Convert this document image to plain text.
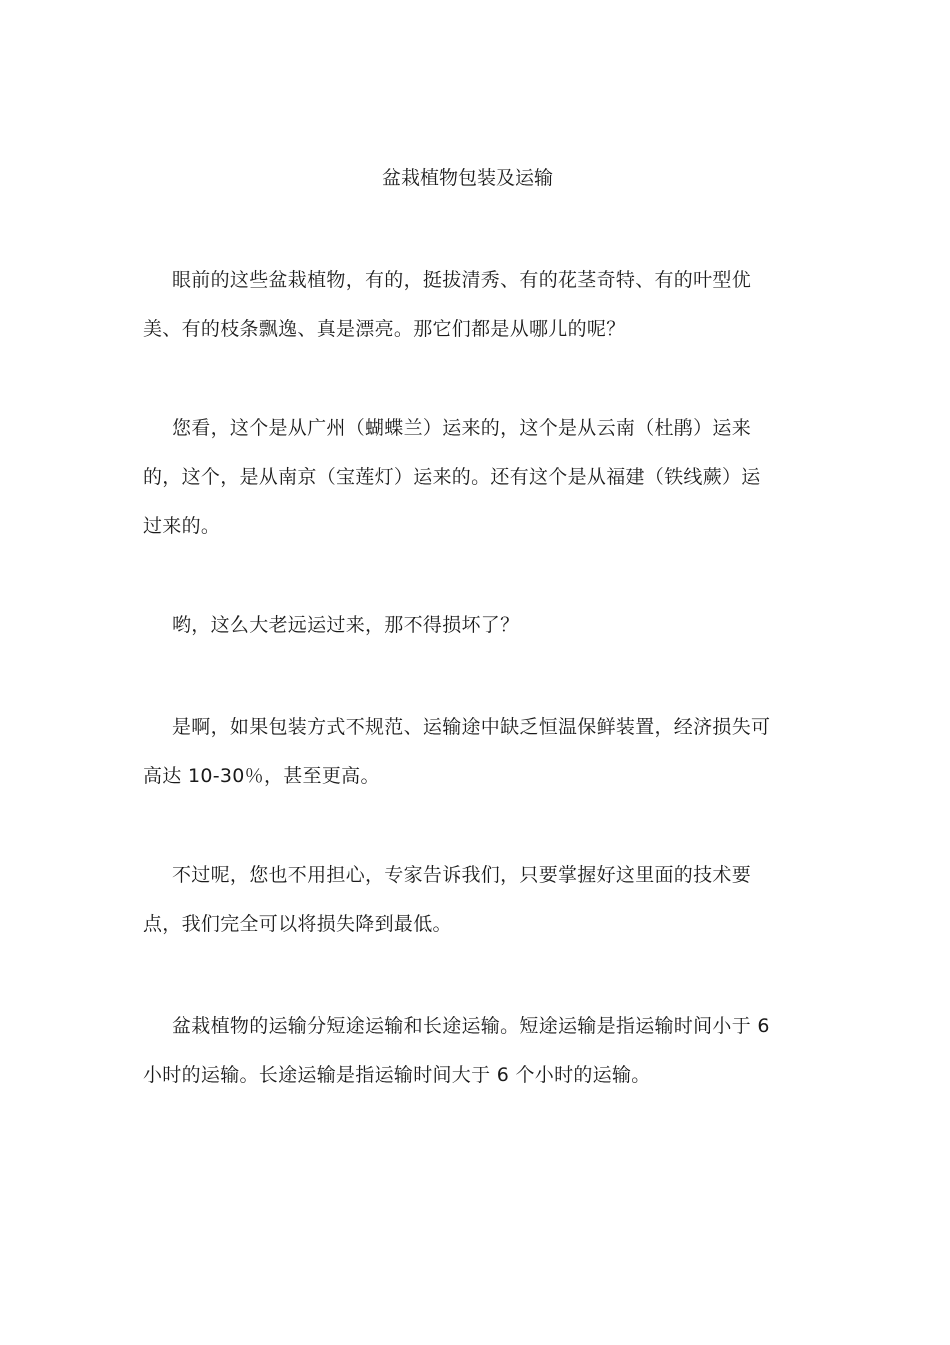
盆栽植物包装及运输

眼前的这些盆栽植物，有的，挺拔清秀、有的花茎奇特、有的叶型优美、有的枝条飘逸、真是漂亮。那它们都是从哪儿的呢？

您看，这个是从广州（蝴蝶兰）运来的，这个是从云南（杜鹃）运来的，这个，是从南京（宝莲灯）运来的。还有这个是从福建（铁线蕨）运过来的。

哟，这么大老远运过来，那不得损坏了？

是啊，如果包装方式不规范、运输途中缺乏恒温保鲜装置，经济损失可高达 10-30％，甚至更高。

不过呢，您也不用担心，专家告诉我们，只要掌握好这里面的技术要点，我们完全可以将损失降到最低。

盆栽植物的运输分短途运输和长途运输。短途运输是指运输时间小于 6 小时的运输。长途运输是指运输时间大于 6 个小时的运输。
